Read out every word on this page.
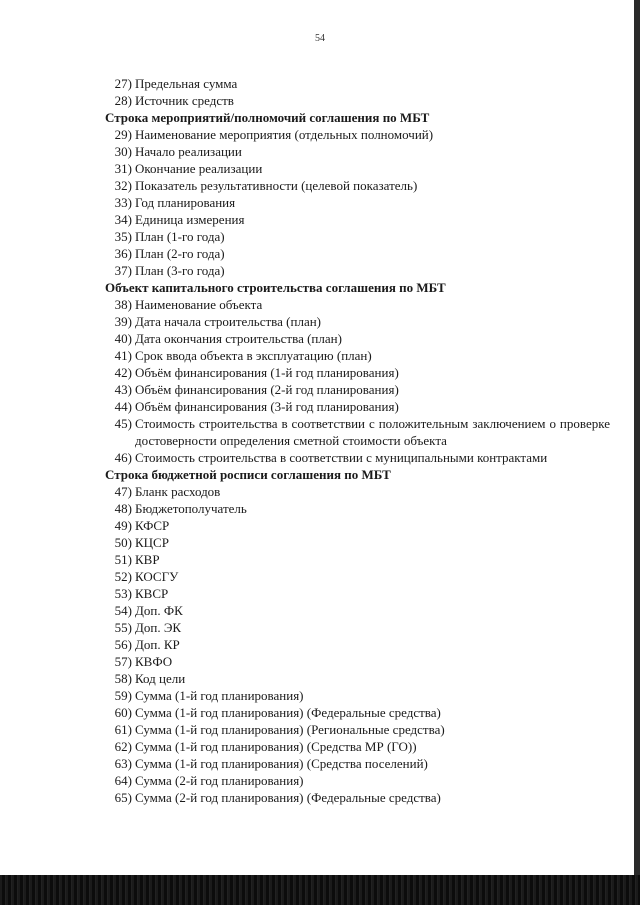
54
27) Предельная сумма
28) Источник средств
Строка мероприятий/полномочий соглашения по МБТ
29) Наименование мероприятия (отдельных полномочий)
30) Начало реализации
31) Окончание реализации
32) Показатель результативности (целевой показатель)
33) Год планирования
34) Единица измерения
35) План (1-го года)
36) План (2-го года)
37) План (3-го года)
Объект капитального строительства соглашения по МБТ
38) Наименование объекта
39) Дата начала строительства (план)
40) Дата окончания строительства (план)
41) Срок ввода объекта в эксплуатацию (план)
42) Объём финансирования (1-й год планирования)
43) Объём финансирования (2-й год планирования)
44) Объём финансирования (3-й год планирования)
45) Стоимость строительства в соответствии с положительным заключением о проверке достоверности определения сметной стоимости объекта
46) Стоимость строительства в соответствии с муниципальными контрактами
Строка бюджетной росписи соглашения по МБТ
47) Бланк расходов
48) Бюджетополучатель
49) КФСР
50) КЦСР
51) КВР
52) КОСГУ
53) КВСР
54) Доп. ФК
55) Доп. ЭК
56) Доп. КР
57) КВФО
58) Код цели
59) Сумма (1-й год планирования)
60) Сумма (1-й год планирования) (Федеральные средства)
61) Сумма (1-й год планирования) (Региональные средства)
62) Сумма (1-й год планирования) (Средства МР (ГО))
63) Сумма (1-й год планирования) (Средства поселений)
64) Сумма (2-й год планирования)
65) Сумма (2-й год планирования) (Федеральные средства)
